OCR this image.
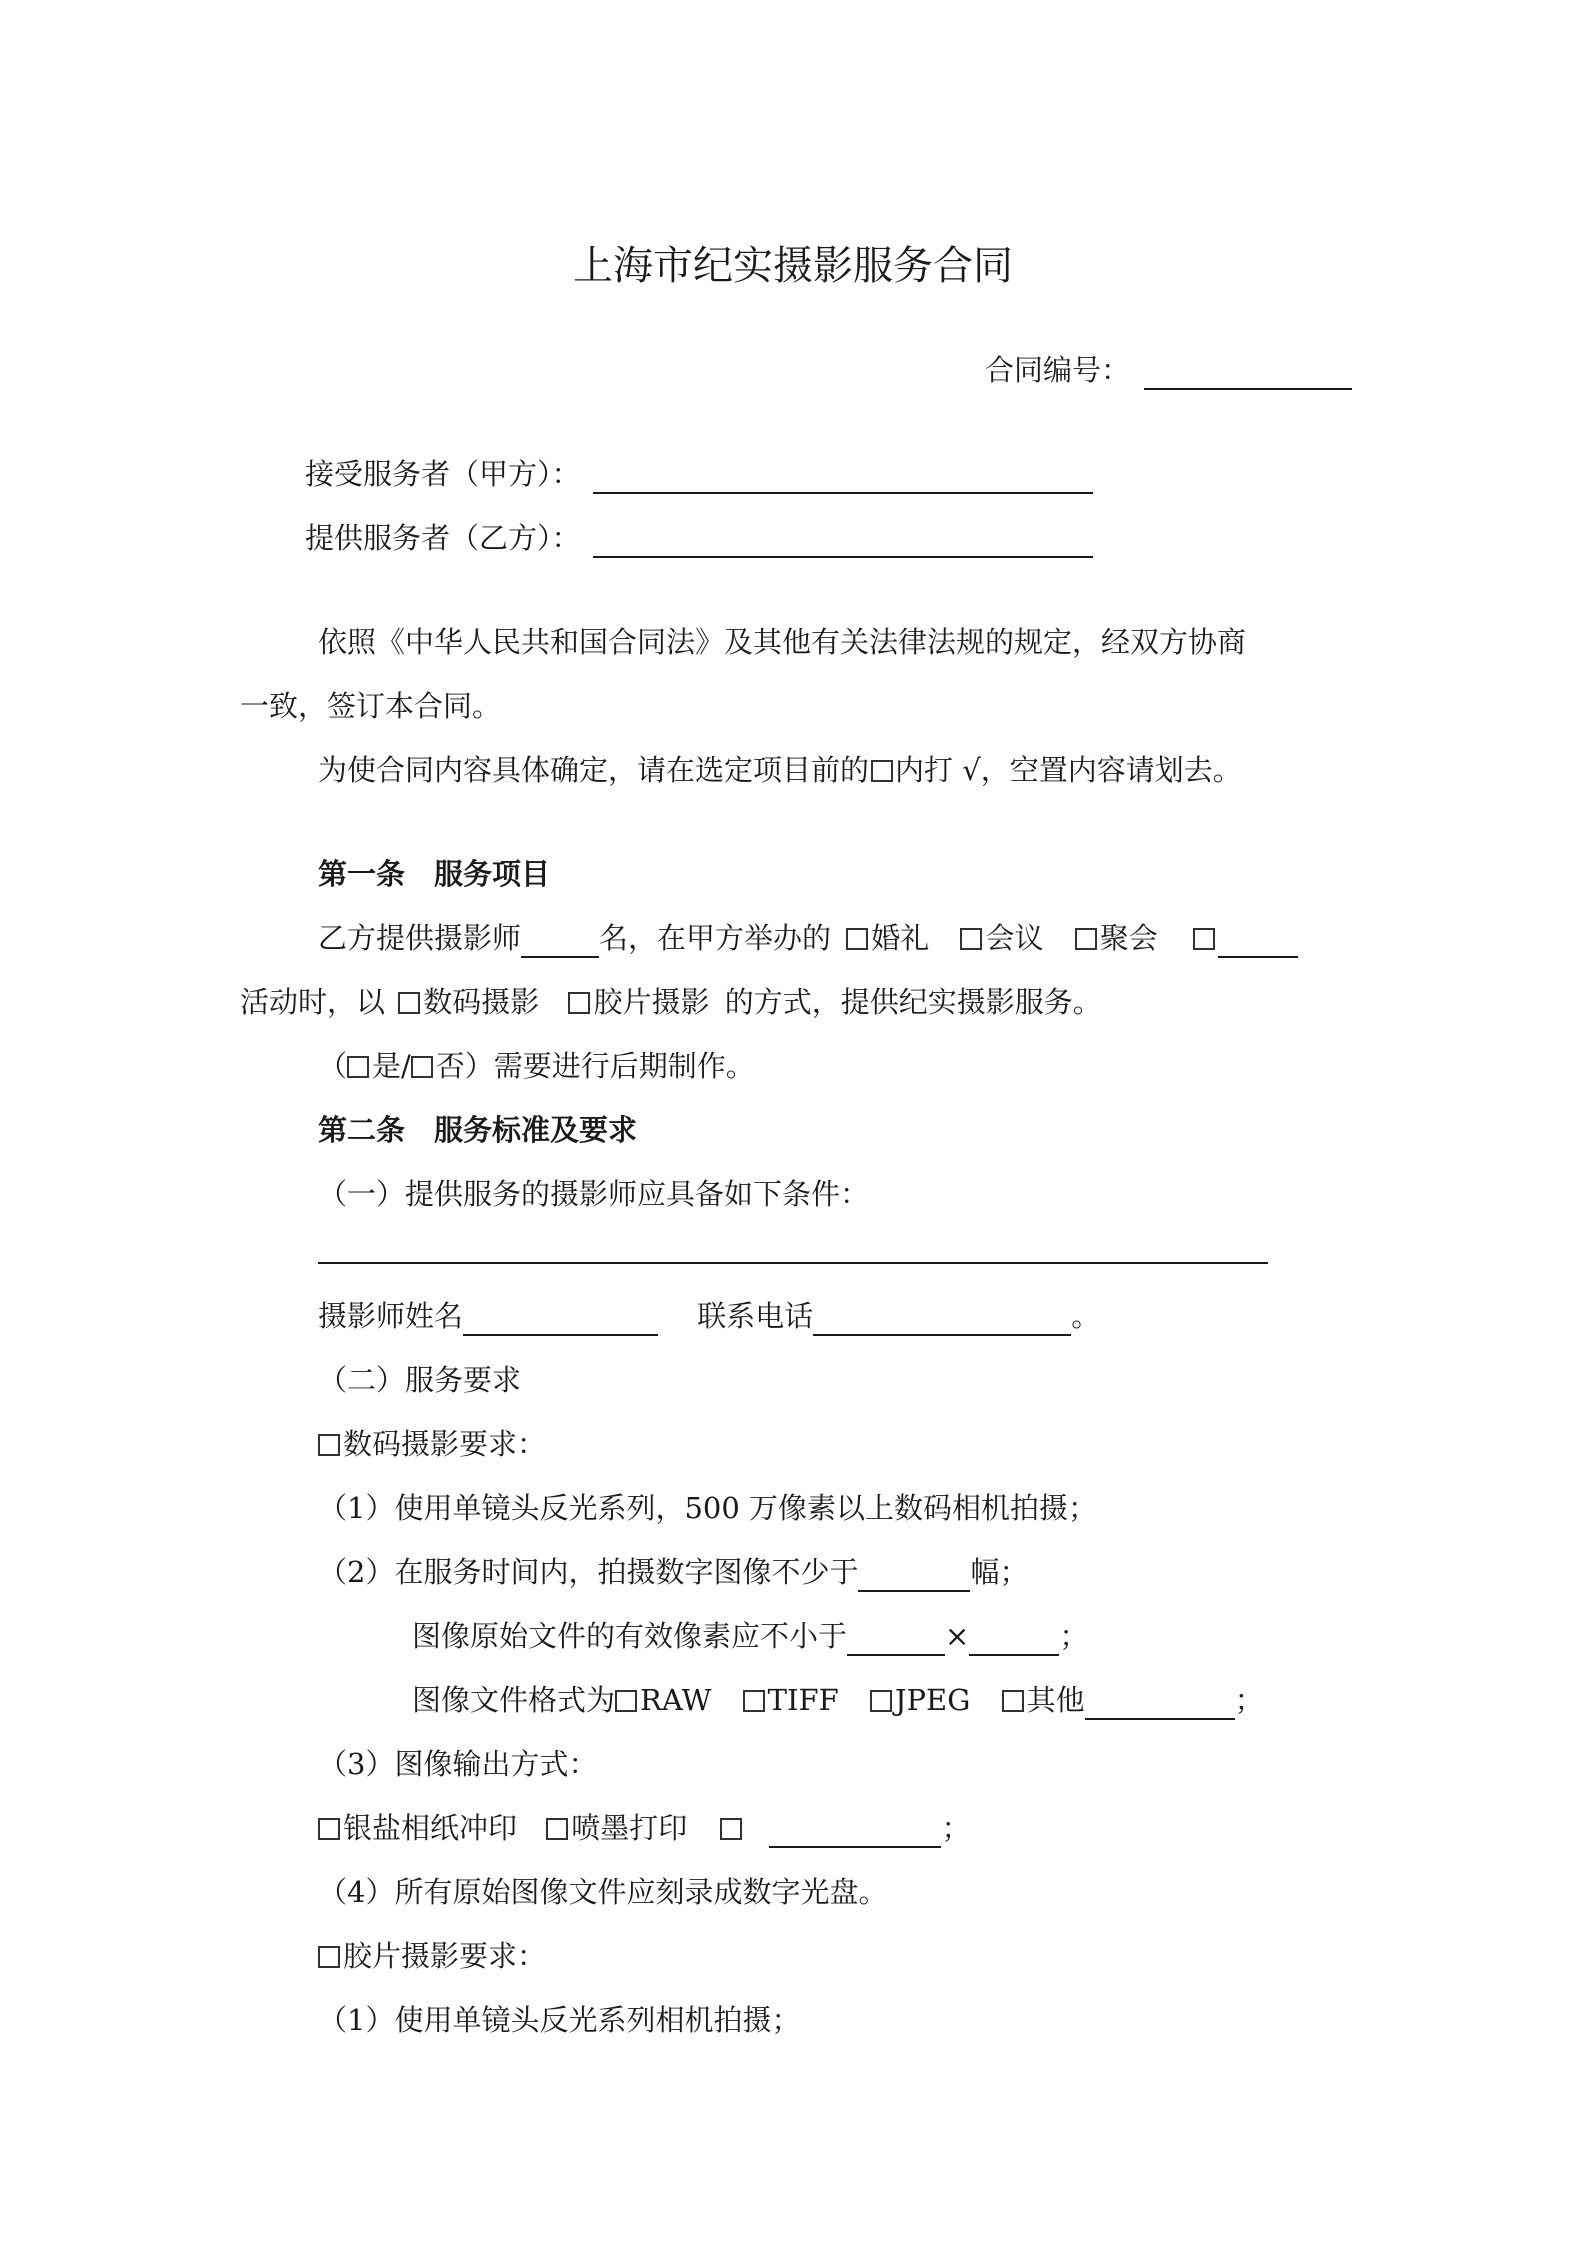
上海市纪实摄影服务合同
合同编号：
接受服务者（甲方）：
提供服务者（乙方）：
依照《中华人民共和国合同法》及其他有关法律法规的规定，经双方协商
一致，签订本合同。
为使合同内容具体确定，请在选定项目前的 内打 √，空置内容请划去。
第一条　服务项目
乙方提供摄影师	名，在甲方举办的 婚礼 会议 聚会
活动时，以 数码摄影 胶片摄影 的方式，提供纪实摄影服务。
（ 是/ 否）需要进行后期制作。
第二条　服务标准及要求
（一）提供服务的摄影师应具备如下条件：
摄影师姓名	联系电话	。
（二）服务要求
数码摄影要求：
（1）使用单镜头反光系列，500 万像素以上数码相机拍摄；
（2）在服务时间内，拍摄数字图像不少于	幅；
图像原始文件的有效像素应不小于	×	；
图像文件格式为 RAW TIFF JPEG 其他	；
（3）图像输出方式：
银盐相纸冲印 喷墨打印	；
（4）所有原始图像文件应刻录成数字光盘。
胶片摄影要求：
（1）使用单镜头反光系列相机拍摄；
